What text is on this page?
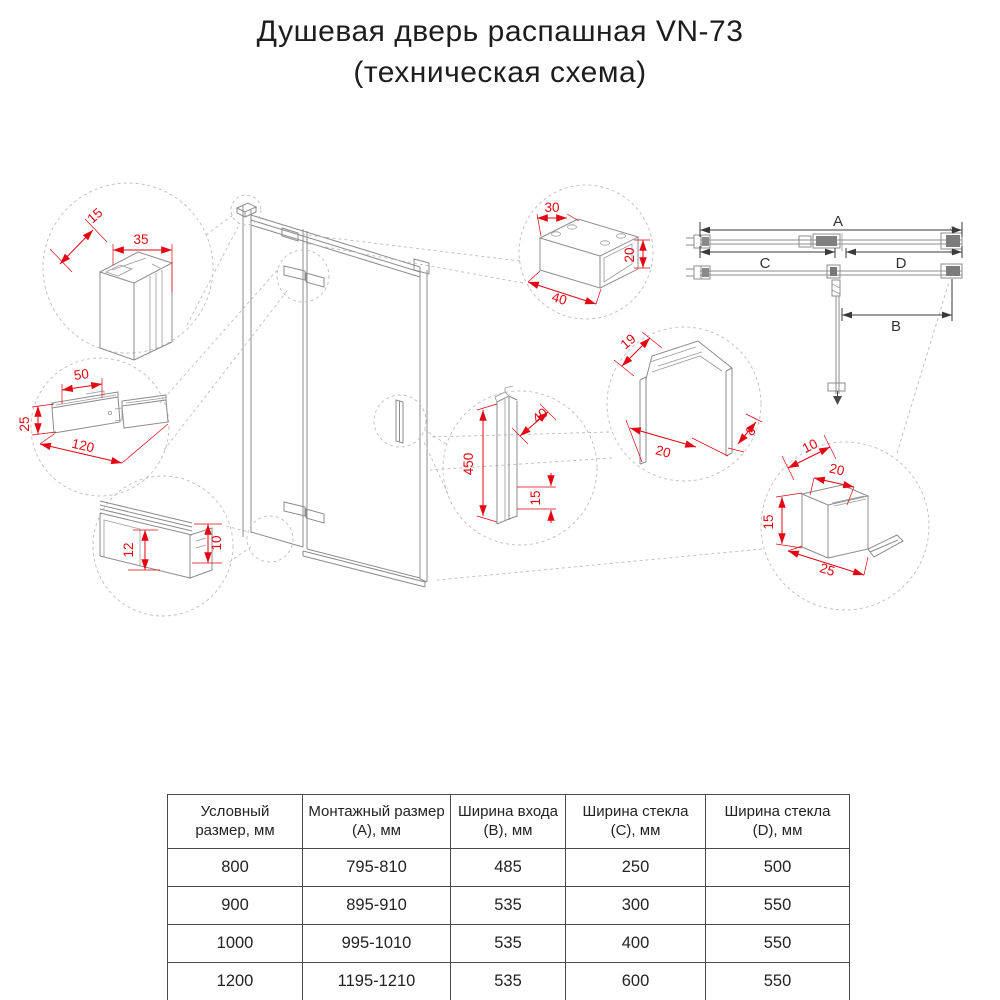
Душевая дверь распашная VN-73
(техническая схема)
A
C	D
B
35
15
50
25
120
12	10
30
20
40
19
20
8
450
40
15
10
20
15
25
Условный размер, мм	Монтажный размер (А), мм	Ширина входа (В), мм	Ширина стекла (С), мм	Ширина стекла (D), мм
800	795-810	485	250	500
900	895-910	535	300	550
1000	995-1010	535	400	550
1200	1195-1210	535	600	550
